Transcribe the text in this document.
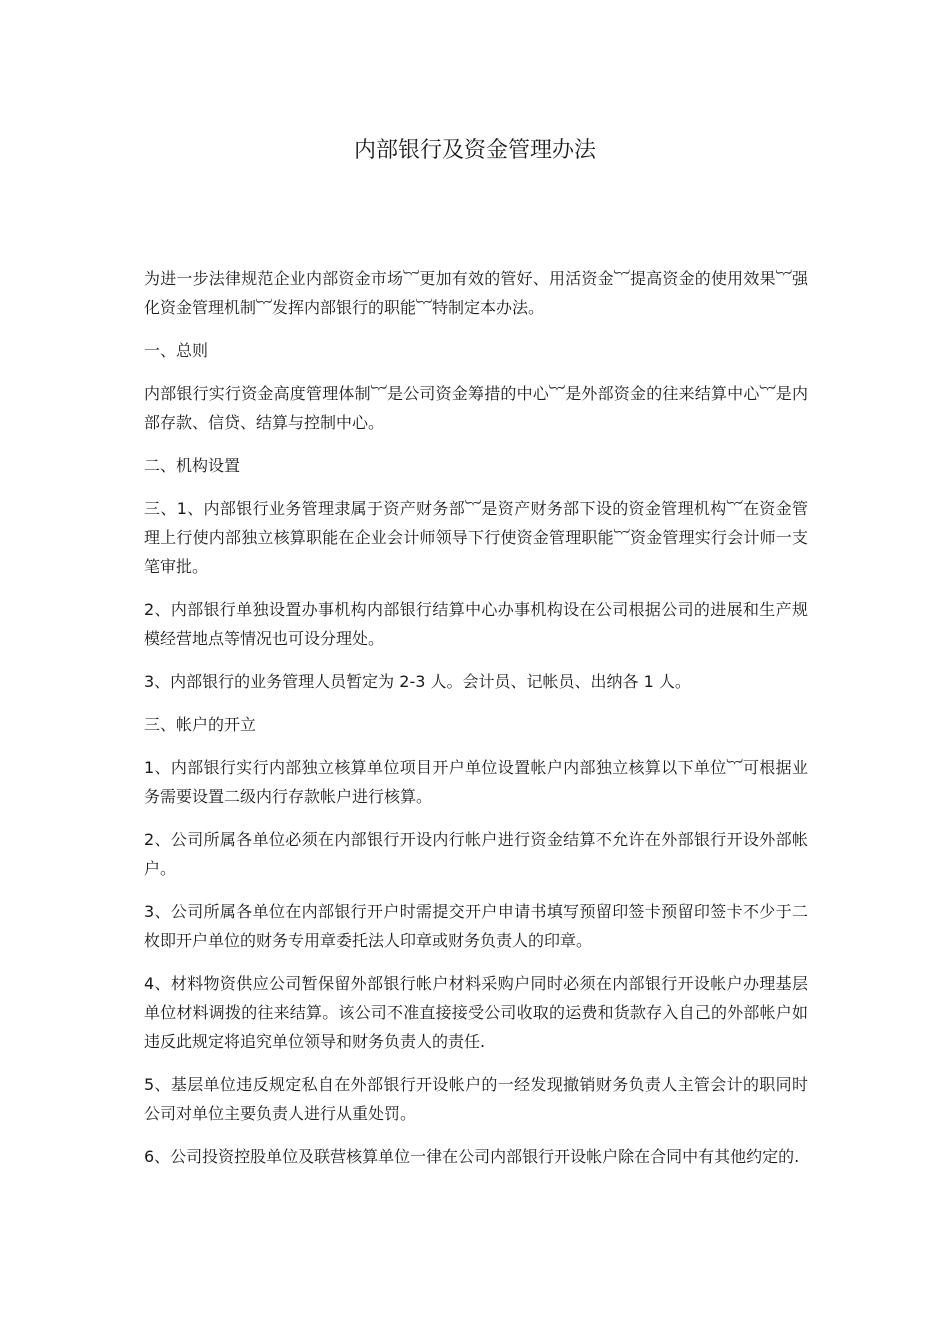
内部银行及资金管理办法

为进一步法律规范企业内部资金市场︸更加有效的管好、用活资金︸提高资金的使用效果︸强化资金管理机制︸发挥内部银行的职能︸特制定本办法。

一、总则

内部银行实行资金高度管理体制︸是公司资金筹措的中心︸是外部资金的往来结算中心︸是内部存款、信贷、结算与控制中心。

二、机构设置

三、1、内部银行业务管理隶属于资产财务部︸是资产财务部下设的资金管理机构︸在资金管理上行使内部独立核算职能在企业会计师领导下行使资金管理职能︸资金管理实行会计师一支笔审批。

2、内部银行单独设置办事机构内部银行结算中心办事机构设在公司根据公司的进展和生产规模经营地点等情况也可设分理处。

3、内部银行的业务管理人员暂定为 2-3 人。会计员、记帐员、出纳各 1 人。

三、帐户的开立

1、内部银行实行内部独立核算单位项目开户单位设置帐户内部独立核算以下单位︸可根据业务需要设置二级内行存款帐户进行核算。

2、公司所属各单位必须在内部银行开设内行帐户进行资金结算不允许在外部银行开设外部帐户。

3、公司所属各单位在内部银行开户时需提交开户申请书填写预留印签卡预留印签卡不少于二枚即开户单位的财务专用章委托法人印章或财务负责人的印章。

4、材料物资供应公司暂保留外部银行帐户材料采购户同时必须在内部银行开设帐户办理基层单位材料调拨的往来结算。该公司不准直接接受公司收取的运费和货款存入自己的外部帐户如违反此规定将追究单位领导和财务负责人的责任.

5、基层单位违反规定私自在外部银行开设帐户的一经发现撤销财务负责人主管会计的职同时公司对单位主要负责人进行从重处罚。

6、公司投资控股单位及联营核算单位一律在公司内部银行开设帐户除在合同中有其他约定的.
